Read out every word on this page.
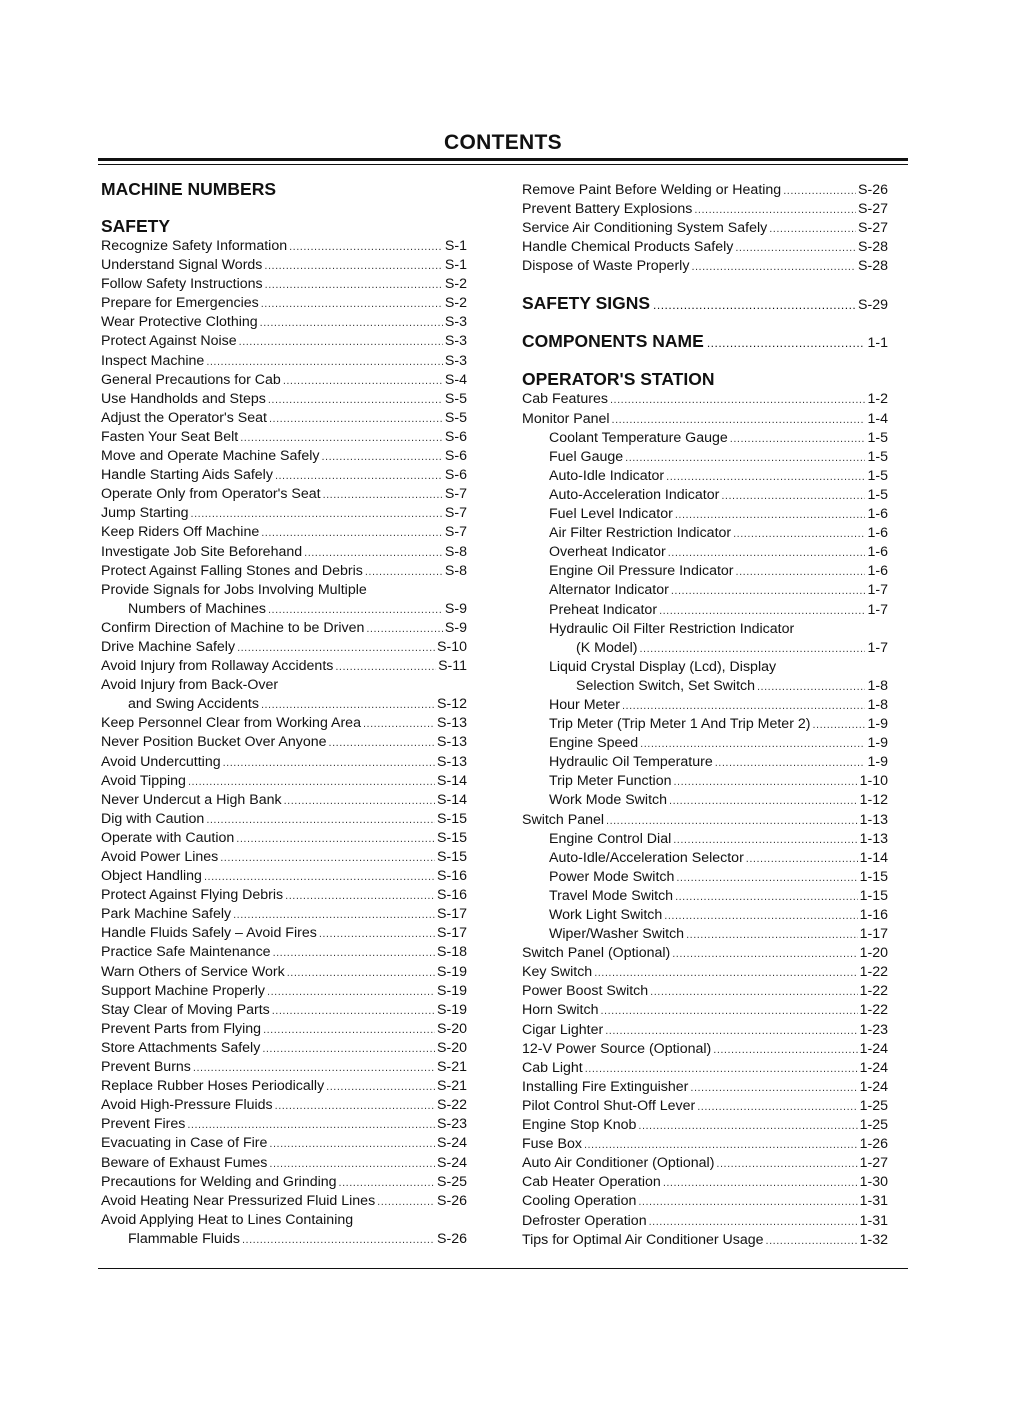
CONTENTS
MACHINE NUMBERS
SAFETY
Recognize Safety Information .....	S-1
Understand Signal Words .....	S-1
Follow Safety Instructions .....	S-2
Prepare for Emergencies .....	S-2
Wear Protective Clothing .....	S-3
Protect Against Noise .....	S-3
Inspect Machine .....	S-3
General Precautions for Cab .....	S-4
Use Handholds and Steps .....	S-5
Adjust the Operator's Seat .....	S-5
Fasten Your Seat Belt .....	S-6
Move and Operate Machine Safely .....	S-6
Handle Starting Aids Safely .....	S-6
Operate Only from Operator's Seat .....	S-7
Jump Starting .....	S-7
Keep Riders Off Machine .....	S-7
Investigate Job Site Beforehand .....	S-8
Protect Against Falling Stones and Debris .....	S-8
Provide Signals for Jobs Involving Multiple
Numbers of Machines .....	S-9
Confirm Direction of Machine to be Driven .....	S-9
Drive Machine Safely .....	S-10
Avoid Injury from Rollaway Accidents .....	S-11
Avoid Injury from Back-Over
and Swing Accidents .....	S-12
Keep Personnel Clear from Working Area .....	S-13
Never Position Bucket Over Anyone .....	S-13
Avoid Undercutting .....	S-13
Avoid Tipping .....	S-14
Never Undercut a High Bank .....	S-14
Dig with Caution .....	S-15
Operate with Caution .....	S-15
Avoid Power Lines .....	S-15
Object Handling .....	S-16
Protect Against Flying Debris .....	S-16
Park Machine Safely .....	S-17
Handle Fluids Safely – Avoid Fires .....	S-17
Practice Safe Maintenance .....	S-18
Warn Others of Service Work .....	S-19
Support Machine Properly .....	S-19
Stay Clear of Moving Parts .....	S-19
Prevent Parts from Flying .....	S-20
Store Attachments Safely .....	S-20
Prevent Burns .....	S-21
Replace Rubber Hoses Periodically .....	S-21
Avoid High-Pressure Fluids .....	S-22
Prevent Fires .....	S-23
Evacuating in Case of Fire .....	S-24
Beware of Exhaust Fumes .....	S-24
Precautions for Welding and Grinding .....	S-25
Avoid Heating Near Pressurized Fluid Lines .....	S-26
Avoid Applying Heat to Lines Containing
Flammable Fluids .....	S-26
Remove Paint Before Welding or Heating .....	S-26
Prevent Battery Explosions .....	S-27
Service Air Conditioning System Safely .....	S-27
Handle Chemical Products Safely .....	S-28
Dispose of Waste Properly .....	S-28
SAFETY SIGNS .....	S-29
COMPONENTS NAME .....	1-1
OPERATOR'S STATION
Cab Features .....	1-2
Monitor Panel .....	1-4
Coolant Temperature Gauge .....	1-5
Fuel Gauge .....	1-5
Auto-Idle Indicator .....	1-5
Auto-Acceleration Indicator .....	1-5
Fuel Level Indicator .....	1-6
Air Filter Restriction Indicator .....	1-6
Overheat Indicator .....	1-6
Engine Oil Pressure Indicator .....	1-6
Alternator Indicator .....	1-7
Preheat Indicator .....	1-7
Hydraulic Oil Filter Restriction Indicator
(K Model) .....	1-7
Liquid Crystal Display (Lcd), Display
Selection Switch, Set Switch .....	1-8
Hour Meter .....	1-8
Trip Meter (Trip Meter 1 And Trip Meter 2) .....	1-9
Engine Speed .....	1-9
Hydraulic Oil Temperature .....	1-9
Trip Meter Function .....	1-10
Work Mode Switch .....	1-12
Switch Panel .....	1-13
Engine Control Dial .....	1-13
Auto-Idle/Acceleration Selector .....	1-14
Power Mode Switch .....	1-15
Travel Mode Switch .....	1-15
Work Light Switch .....	1-16
Wiper/Washer Switch .....	1-17
Switch Panel (Optional) .....	1-20
Key Switch .....	1-22
Power Boost Switch .....	1-22
Horn Switch .....	1-22
Cigar Lighter .....	1-23
12-V Power Source (Optional) .....	1-24
Cab Light .....	1-24
Installing Fire Extinguisher .....	1-24
Pilot Control Shut-Off Lever .....	1-25
Engine Stop Knob .....	1-25
Fuse Box .....	1-26
Auto Air Conditioner (Optional) .....	1-27
Cab Heater Operation .....	1-30
Cooling Operation .....	1-31
Defroster Operation .....	1-31
Tips for Optimal Air Conditioner Usage .....	1-32
